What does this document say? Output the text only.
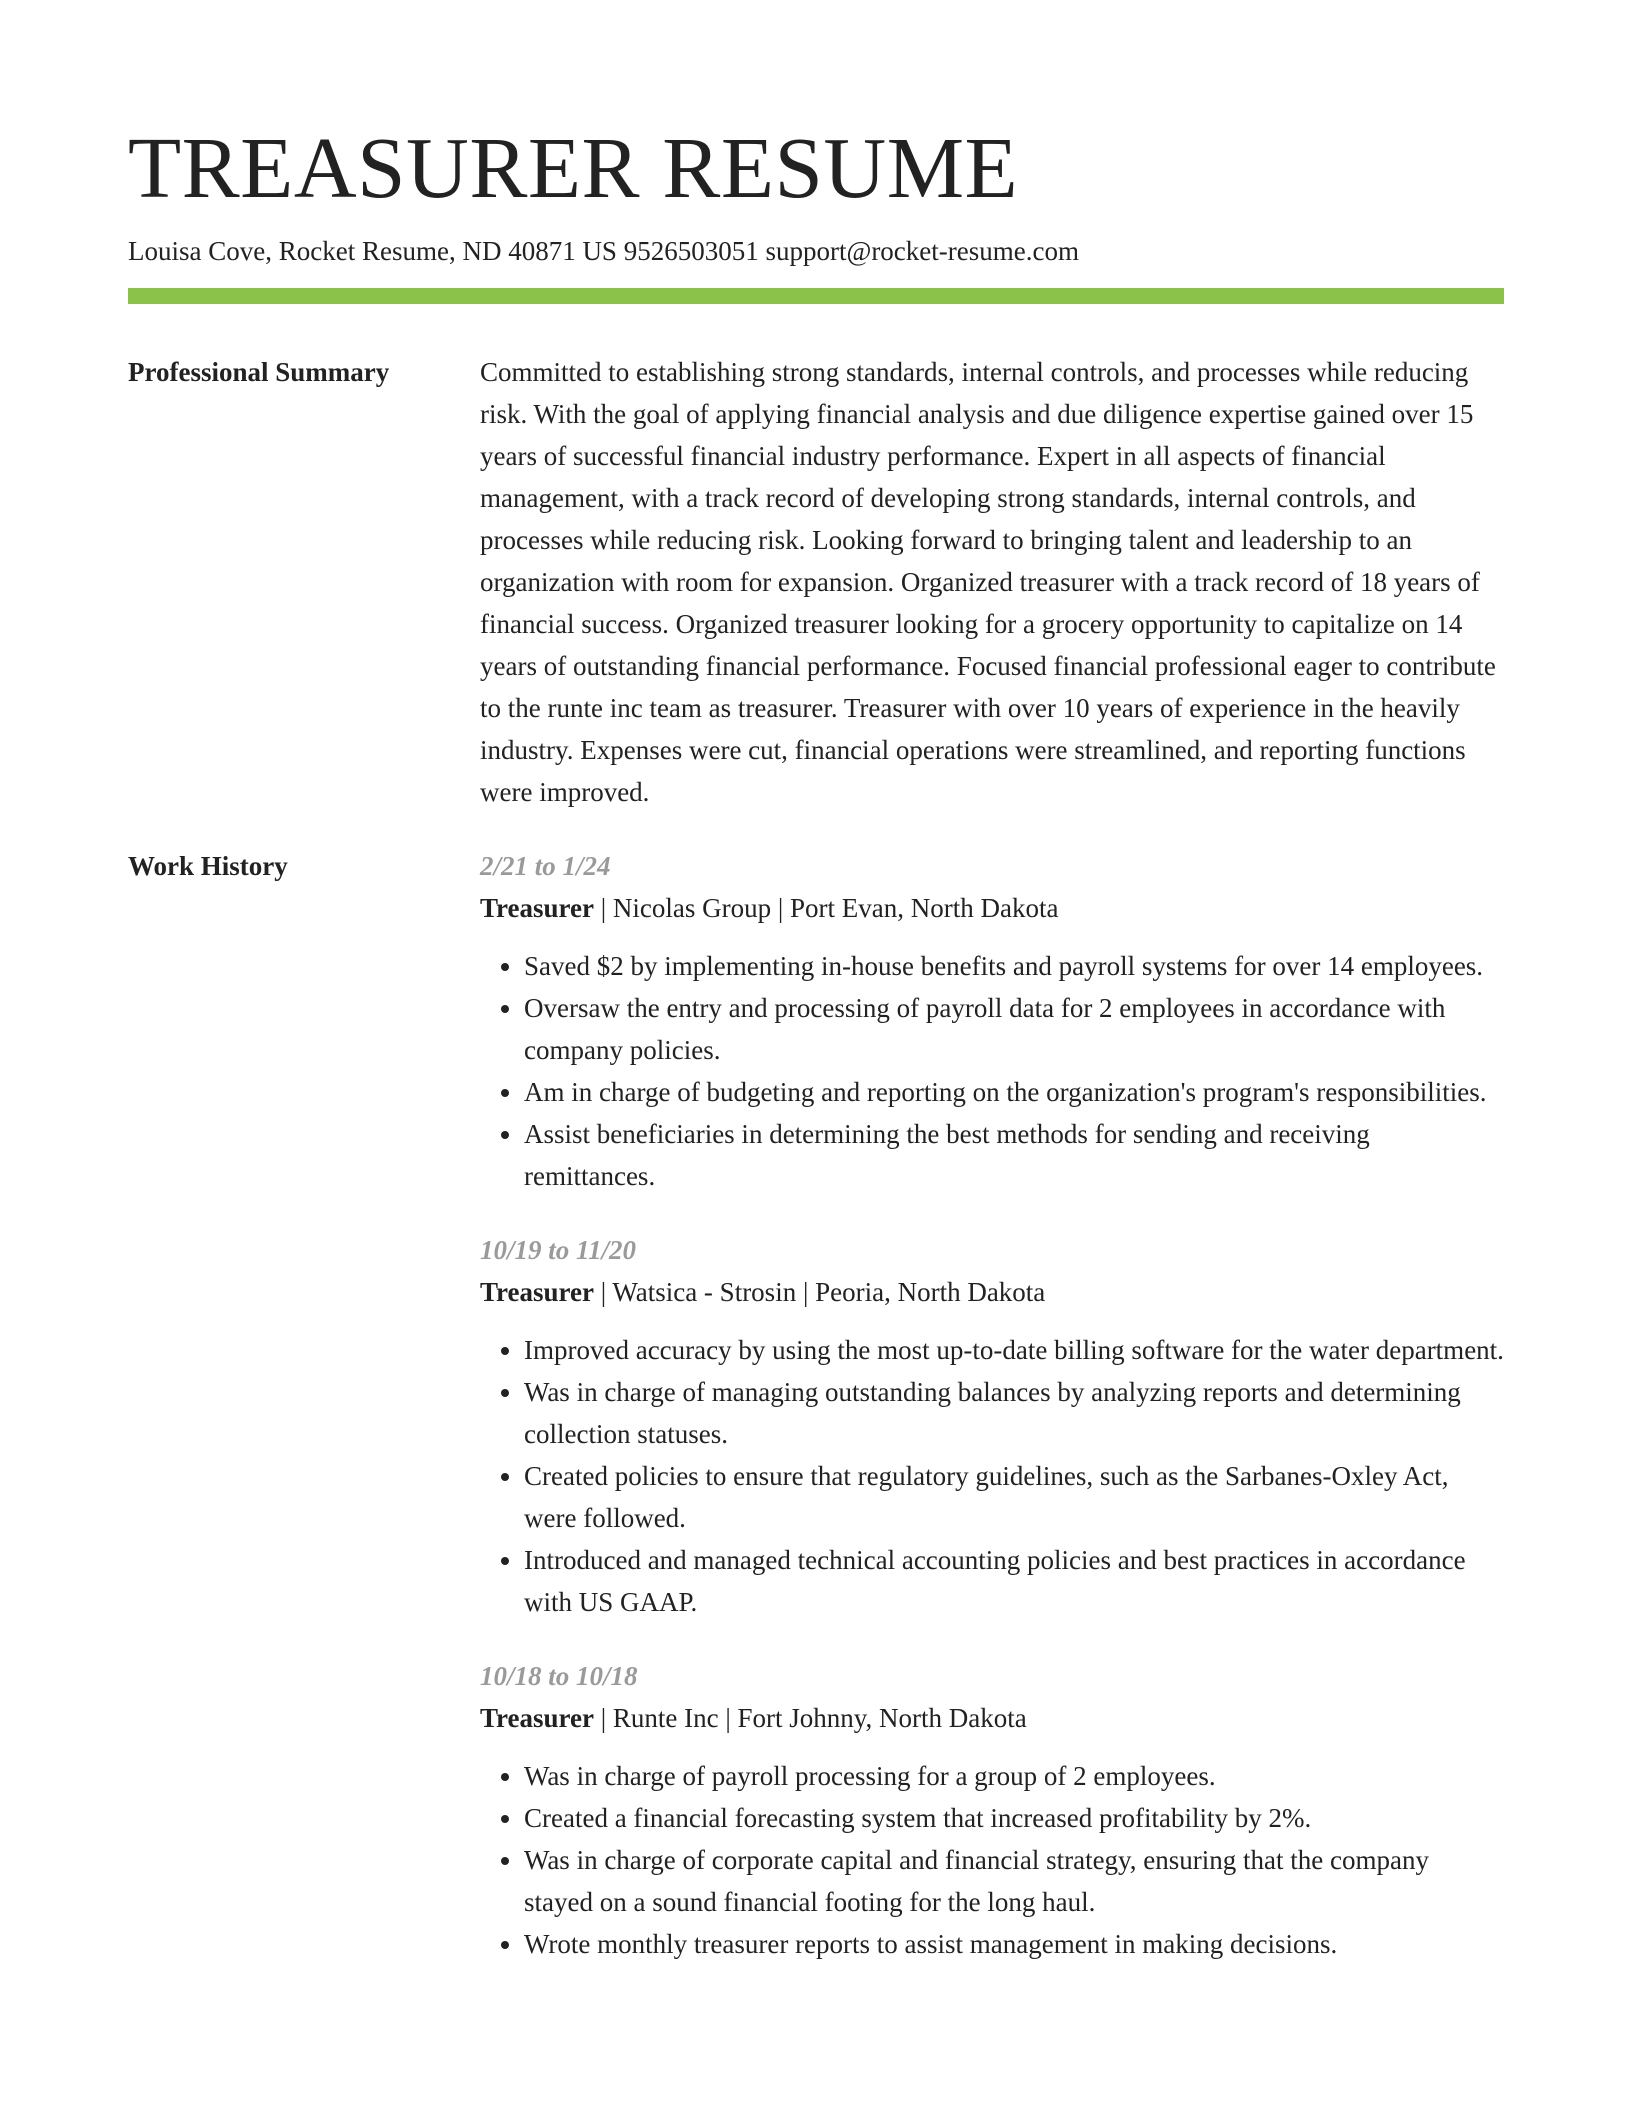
TREASURER RESUME
Louisa Cove, Rocket Resume, ND 40871 US 9526503051 support@rocket-resume.com
Professional Summary	Committed to establishing strong standards, internal controls, and processes while reducing risk. With the goal of applying financial analysis and due diligence expertise gained over 15 years of successful financial industry performance. Expert in all aspects of financial management, with a track record of developing strong standards, internal controls, and processes while reducing risk. Looking forward to bringing talent and leadership to an organization with room for expansion. Organized treasurer with a track record of 18 years of financial success. Organized treasurer looking for a grocery opportunity to capitalize on 14 years of outstanding financial performance. Focused financial professional eager to contribute to the runte inc team as treasurer. Treasurer with over 10 years of experience in the heavily industry. Expenses were cut, financial operations were streamlined, and reporting functions were improved.

Work History	2/21 to 1/24

Treasurer | Nicolas Group | Port Evan, North Dakota

• Saved $2 by implementing in-house benefits and payroll systems for over 14 employees.
• Oversaw the entry and processing of payroll data for 2 employees in accordance with company policies.
• Am in charge of budgeting and reporting on the organization's program's responsibilities.
• Assist beneficiaries in determining the best methods for sending and receiving remittances.
10/19 to 11/20

Treasurer | Watsica - Strosin | Peoria, North Dakota

• Improved accuracy by using the most up-to-date billing software for the water department.
• Was in charge of managing outstanding balances by analyzing reports and determining collection statuses.
• Created policies to ensure that regulatory guidelines, such as the Sarbanes-Oxley Act, were followed.
• Introduced and managed technical accounting policies and best practices in accordance with US GAAP.
10/18 to 10/18

Treasurer | Runte Inc | Fort Johnny, North Dakota

• Was in charge of payroll processing for a group of 2 employees.
• Created a financial forecasting system that increased profitability by 2%.
• Was in charge of corporate capital and financial strategy, ensuring that the company stayed on a sound financial footing for the long haul.
• Wrote monthly treasurer reports to assist management in making decisions.
